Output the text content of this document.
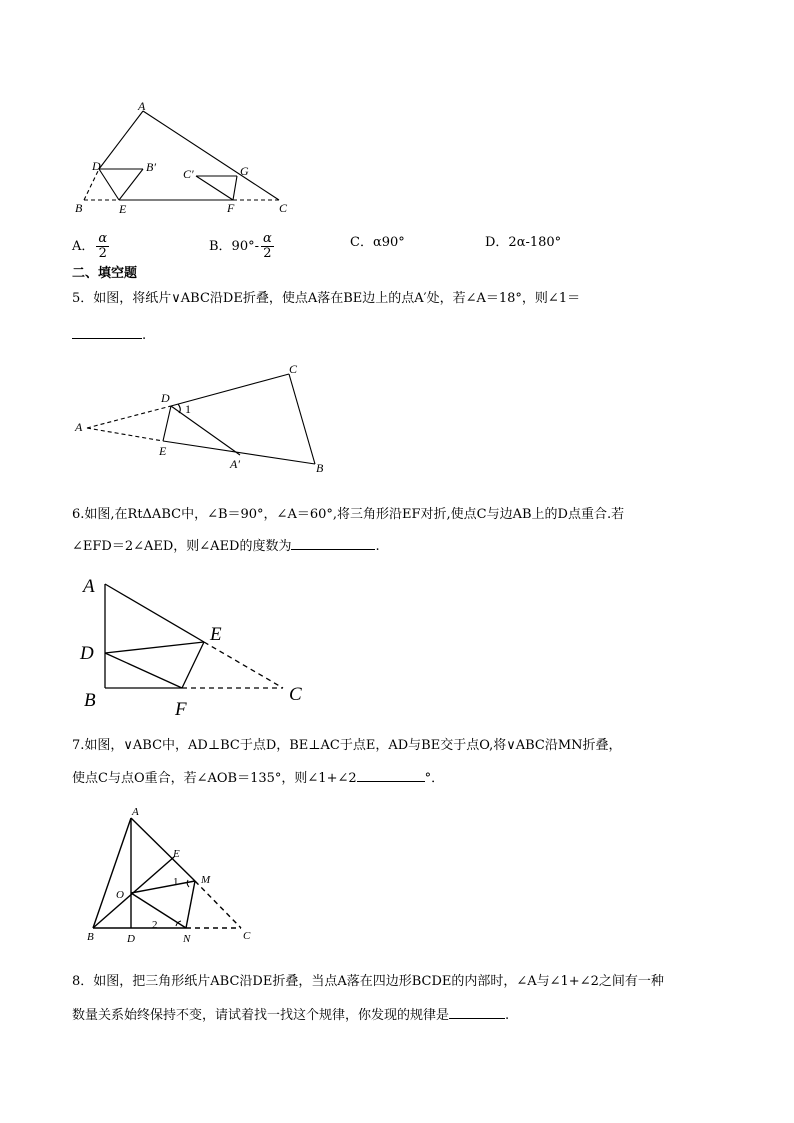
A
D	B′ C′	G
B	E	F	C
A． $\frac{\alpha}{2}$	B．$90^\circ- \frac{\alpha}{2}$	C．α90°	D．2α-180°
二、填空题
5．如图，将纸片∨ABC沿DE折叠，使点A落在BE边上的点A′处，若∠A＝18°，则∠1＝
.
A
D
E
A′
C
B
1
6.如图,在RtΔABC中，∠B＝90°，∠A＝60°,将三角形沿EF对折,使点C与边AB上的D点重合.若
∠EFD＝2∠AED，则∠AED的度数为	.
A
D
B
E
F
C
7.如图，∨ABC中，AD⊥BC于点D，BE⊥AC于点E，AD与BE交于点O,将∨ABC沿MN折叠，
使点C与点O重合，若∠AOB＝135°，则∠1+∠2	°．
A
E
M
O
B	D	N	C
1
2
8．如图，把三角形纸片ABC沿DE折叠，当点A落在四边形BCDE的内部时，∠A与∠1+∠2之间有一种
数量关系始终保持不变，请试着找一找这个规律，你发现的规律是	.
